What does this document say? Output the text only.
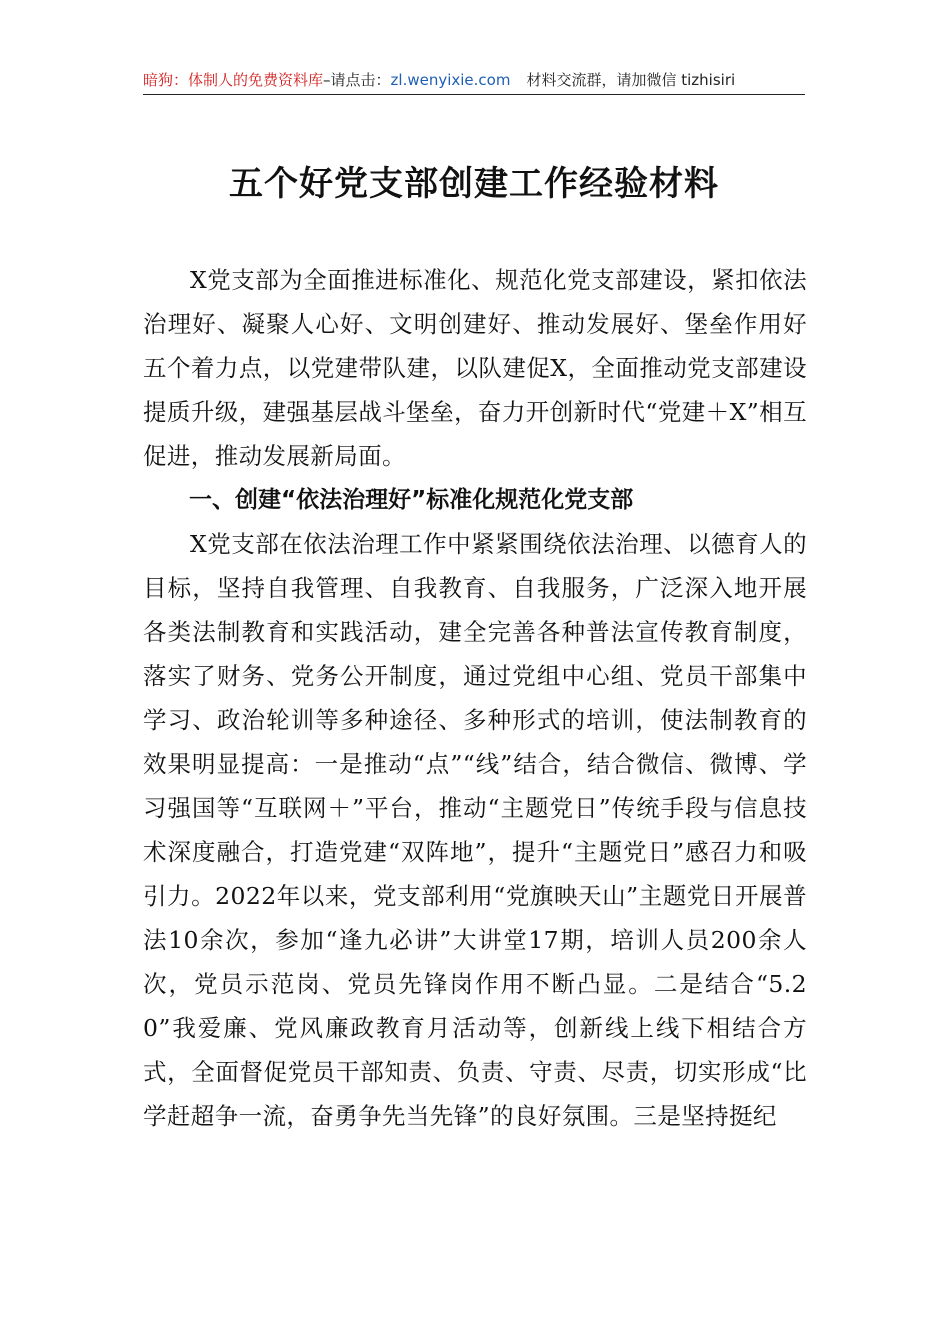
暗狗：体制人的免费资料库–请点击：zl.wenyixie.com 材料交流群，请加微信 tizhisiri
五个好党支部创建工作经验材料

X党支部为全面推进标准化、规范化党支部建设，紧扣依法治理好、凝聚人心好、文明创建好、推动发展好、堡垒作用好五个着力点，以党建带队建，以队建促X，全面推动党支部建设提质升级，建强基层战斗堡垒，奋力开创新时代“党建＋X”相互促进，推动发展新局面。

一、创建“依法治理好”标准化规范化党支部

X党支部在依法治理工作中紧紧围绕依法治理、以德育人的目标，坚持自我管理、自我教育、自我服务，广泛深入地开展各类法制教育和实践活动，建全完善各种普法宣传教育制度，落实了财务、党务公开制度，通过党组中心组、党员干部集中学习、政治轮训等多种途径、多种形式的培训，使法制教育的效果明显提高：一是推动“点”“线”结合，结合微信、微博、学习强国等“互联网＋”平台，推动“主题党日”传统手段与信息技术深度融合，打造党建“双阵地”，提升“主题党日”感召力和吸引力。2022年以来，党支部利用“党旗映天山”主题党日开展普法10余次，参加“逢九必讲”大讲堂17期，培训人员200余人次，党员示范岗、党员先锋岗作用不断凸显。二是结合“5.20”我爱廉、党风廉政教育月活动等，创新线上线下相结合方式，全面督促党员干部知责、负责、守责、尽责，切实形成“比学赶超争一流，奋勇争先当先锋”的良好氛围。三是坚持挺纪
